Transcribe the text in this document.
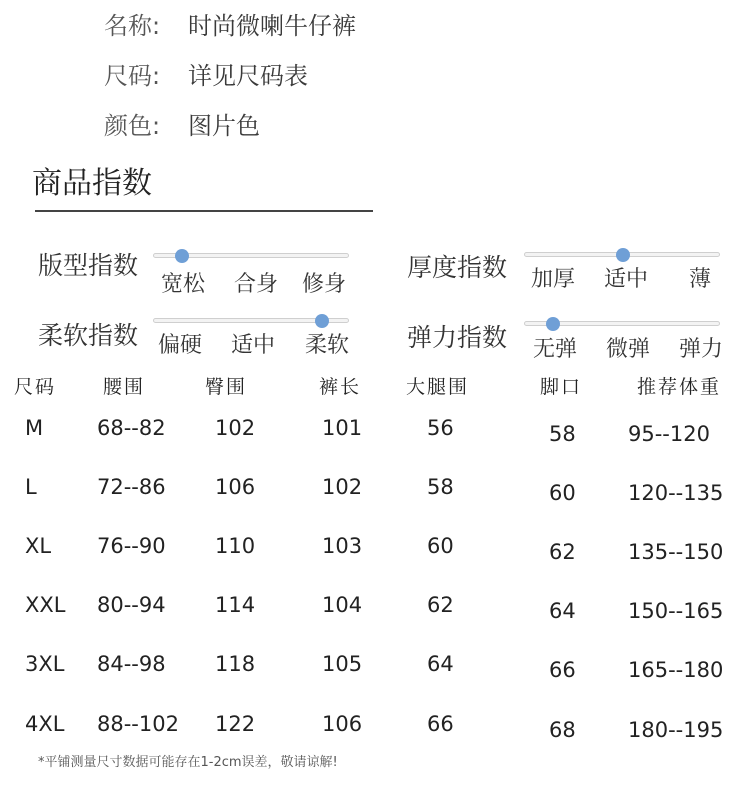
名称: 时尚微喇牛仔裤
尺码: 详见尺码表
颜色: 图片色
商品指数
版型指数
宽松 合身 修身
厚度指数 加厚 适中 薄
柔软指数 偏硬 适中 柔软 弹力指数 无弹 微弹 弹力
尺码 腰围	臀围	裤长 大腿围	脚口	推荐体重
M	68--82 102	101	56	58 95--120
L	72--86 106	102	58	60 120--135
XL 76--90 110	103	60	62 135--150
XXL 80--94 114	104	62	64 150--165
3XL 84--98 118	105	64	66 165--180
4XL 88--102 122	106	66	68 180--195
*平铺测量尺寸数据可能存在1-2cm误差，敬请谅解!
